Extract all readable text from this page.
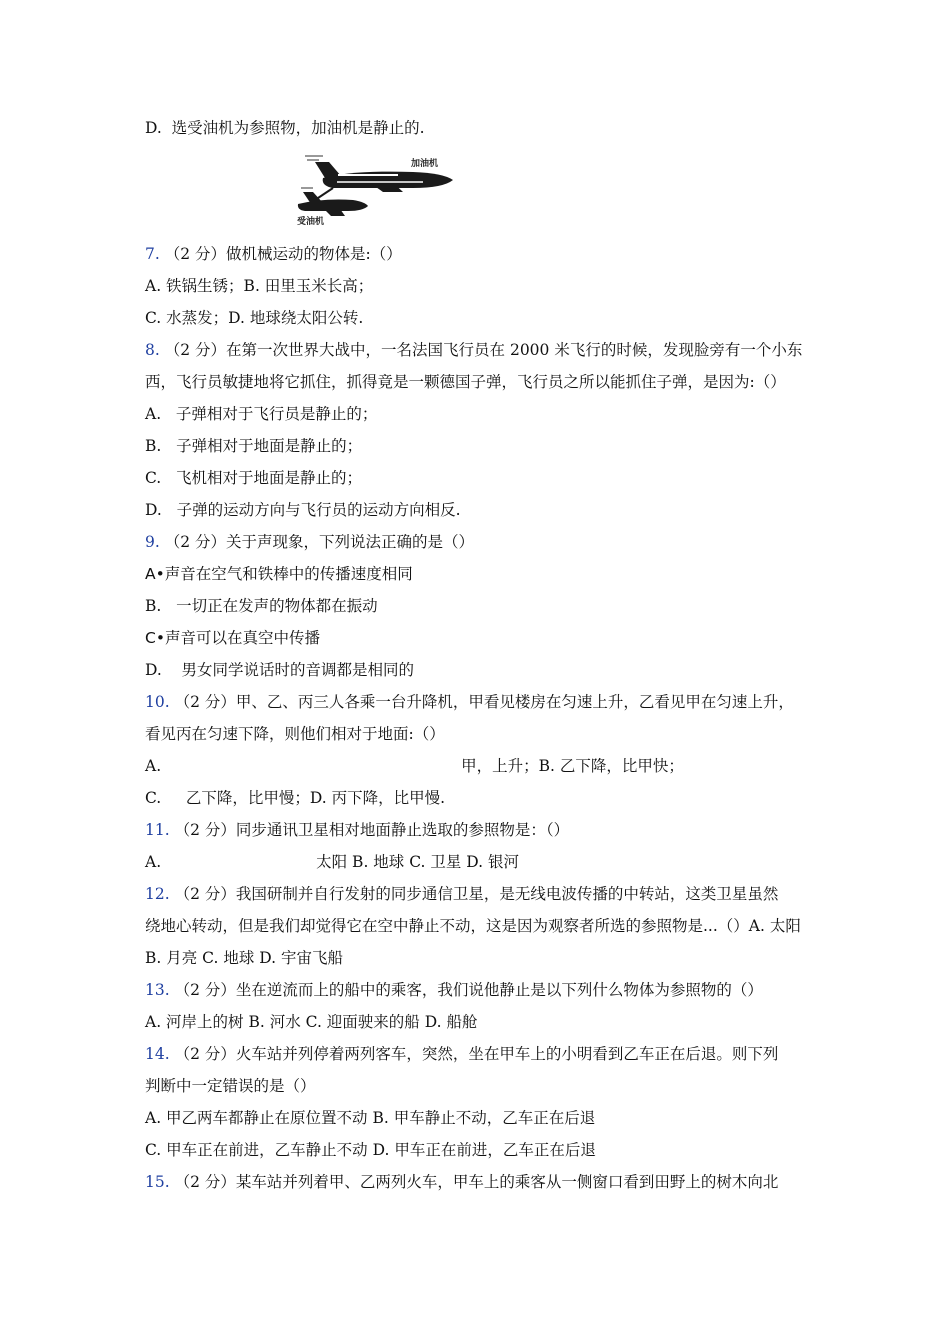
D. 选受油机为参照物，加油机是静止的.
加油机
受油机
7. （2 分）做机械运动的物体是:（）
A. 铁锅生锈；B. 田里玉米长高；
C. 水蒸发；D. 地球绕太阳公转.
8. （2 分）在第一次世界大战中，一名法国飞行员在 2000 米飞行的时候，发现脸旁有一个小东
西，飞行员敏捷地将它抓住，抓得竟是一颗德国子弹，飞行员之所以能抓住子弹，是因为:（）
A. 子弹相对于飞行员是静止的；
B. 子弹相对于地面是静止的；
C. 飞机相对于地面是静止的；
D. 子弹的运动方向与飞行员的运动方向相反.
9. （2 分）关于声现象，下列说法正确的是（）
A•声音在空气和铁棒中的传播速度相同
B. 一切正在发声的物体都在振动
C•声音可以在真空中传播
D. 男女同学说话时的音调都是相同的
10. （2 分）甲、乙、丙三人各乘一台升降机，甲看见楼房在匀速上升，乙看见甲在匀速上升，
看见丙在匀速下降，则他们相对于地面:（）
A.	甲，上升；B. 乙下降，比甲快；
C. 乙下降，比甲慢；D. 丙下降，比甲慢.
11. （2 分）同步通讯卫星相对地面静止选取的参照物是：（）
A.	太阳 B. 地球 C. 卫星 D. 银河
12. （2 分）我国研制并自行发射的同步通信卫星，是无线电波传播的中转站，这类卫星虽然
绕地心转动，但是我们却觉得它在空中静止不动，这是因为观察者所选的参照物是...（）A. 太阳
B. 月亮 C. 地球 D. 宇宙飞船
13. （2 分）坐在逆流而上的船中的乘客，我们说他静止是以下列什么物体为参照物的（）
A. 河岸上的树 B. 河水 C. 迎面驶来的船 D. 船舱
14. （2 分）火车站并列停着两列客车，突然，坐在甲车上的小明看到乙车正在后退。则下列
判断中一定错误的是（）
A. 甲乙两车都静止在原位置不动 B. 甲车静止不动，乙车正在后退
C. 甲车正在前进，乙车静止不动 D. 甲车正在前进，乙车正在后退
15. （2 分）某车站并列着甲、乙两列火车，甲车上的乘客从一侧窗口看到田野上的树木向北
